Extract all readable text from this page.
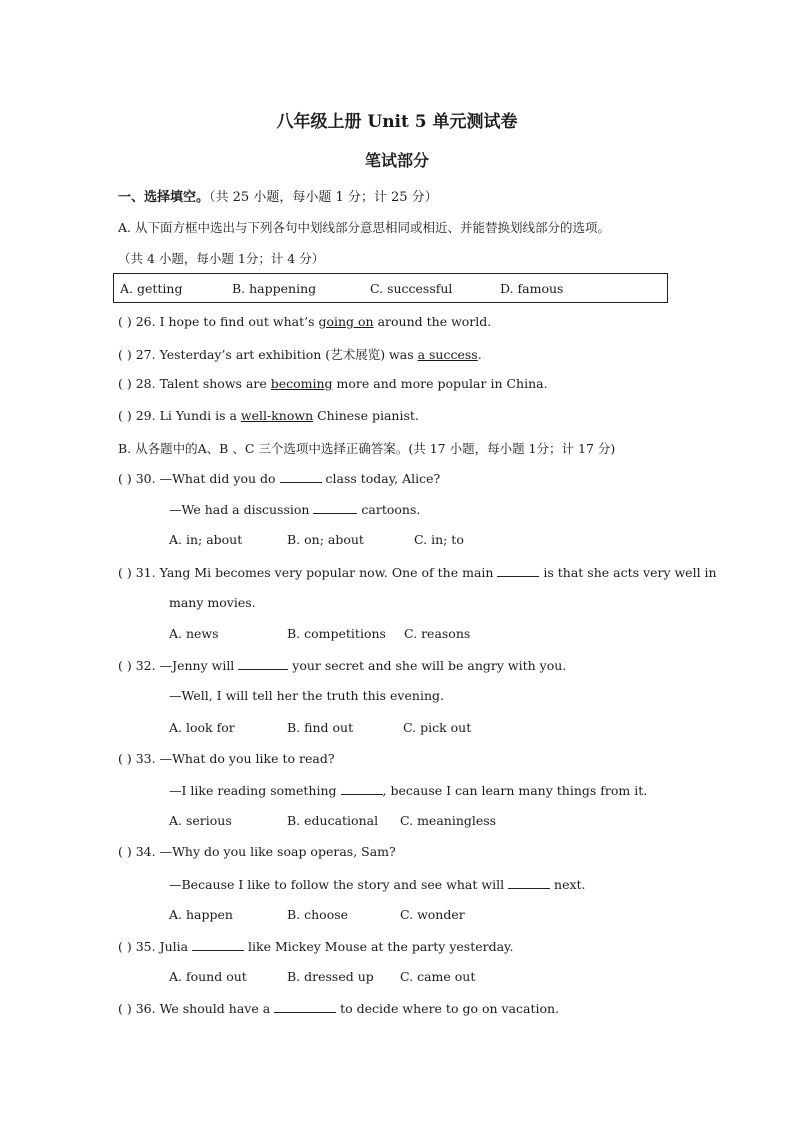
八年级上册 Unit 5 单元测试卷
笔试部分
一、选择填空。（共 25 小题，每小题 1 分；计 25 分）
A. 从下面方框中选出与下列各句中划线部分意思相同或相近、并能替换划线部分的选项。
（共 4 小题，每小题 1分；计 4 分）
A. getting	B. happening	C. successful	D. famous
( ) 26. I hope to find out what’s going on around the world.
( ) 27. Yesterday’s art exhibition (艺术展览) was a success.
( ) 28. Talent shows are becoming more and more popular in China.
( ) 29. Li Yundi is a well-known Chinese pianist.
B. 从各题中的A、B 、C 三个选项中选择正确答案。(共 17 小题，每小题 1分；计 17 分)
( ) 30. —What did you do	class today, Alice?
—We had a discussion	cartoons.
A. in; about	B. on; about	C. in; to
( ) 31. Yang Mi becomes very popular now. One of the main	is that she acts very well in
many movies.
A. news	B. competitions C. reasons
( ) 32. —Jenny will	your secret and she will be angry with you.
—Well, I will tell her the truth this evening.
A. look for	B. find out	C. pick out
( ) 33. —What do you like to read?
—I like reading something	, because I can learn many things from it.
A. serious	B. educational C. meaningless
( ) 34. —Why do you like soap operas, Sam?
—Because I like to follow the story and see what will	next.
A. happen	B. choose	C. wonder
( ) 35. Julia	like Mickey Mouse at the party yesterday.
A. found out	B. dressed up C. came out
( ) 36. We should have a	to decide where to go on vacation.
